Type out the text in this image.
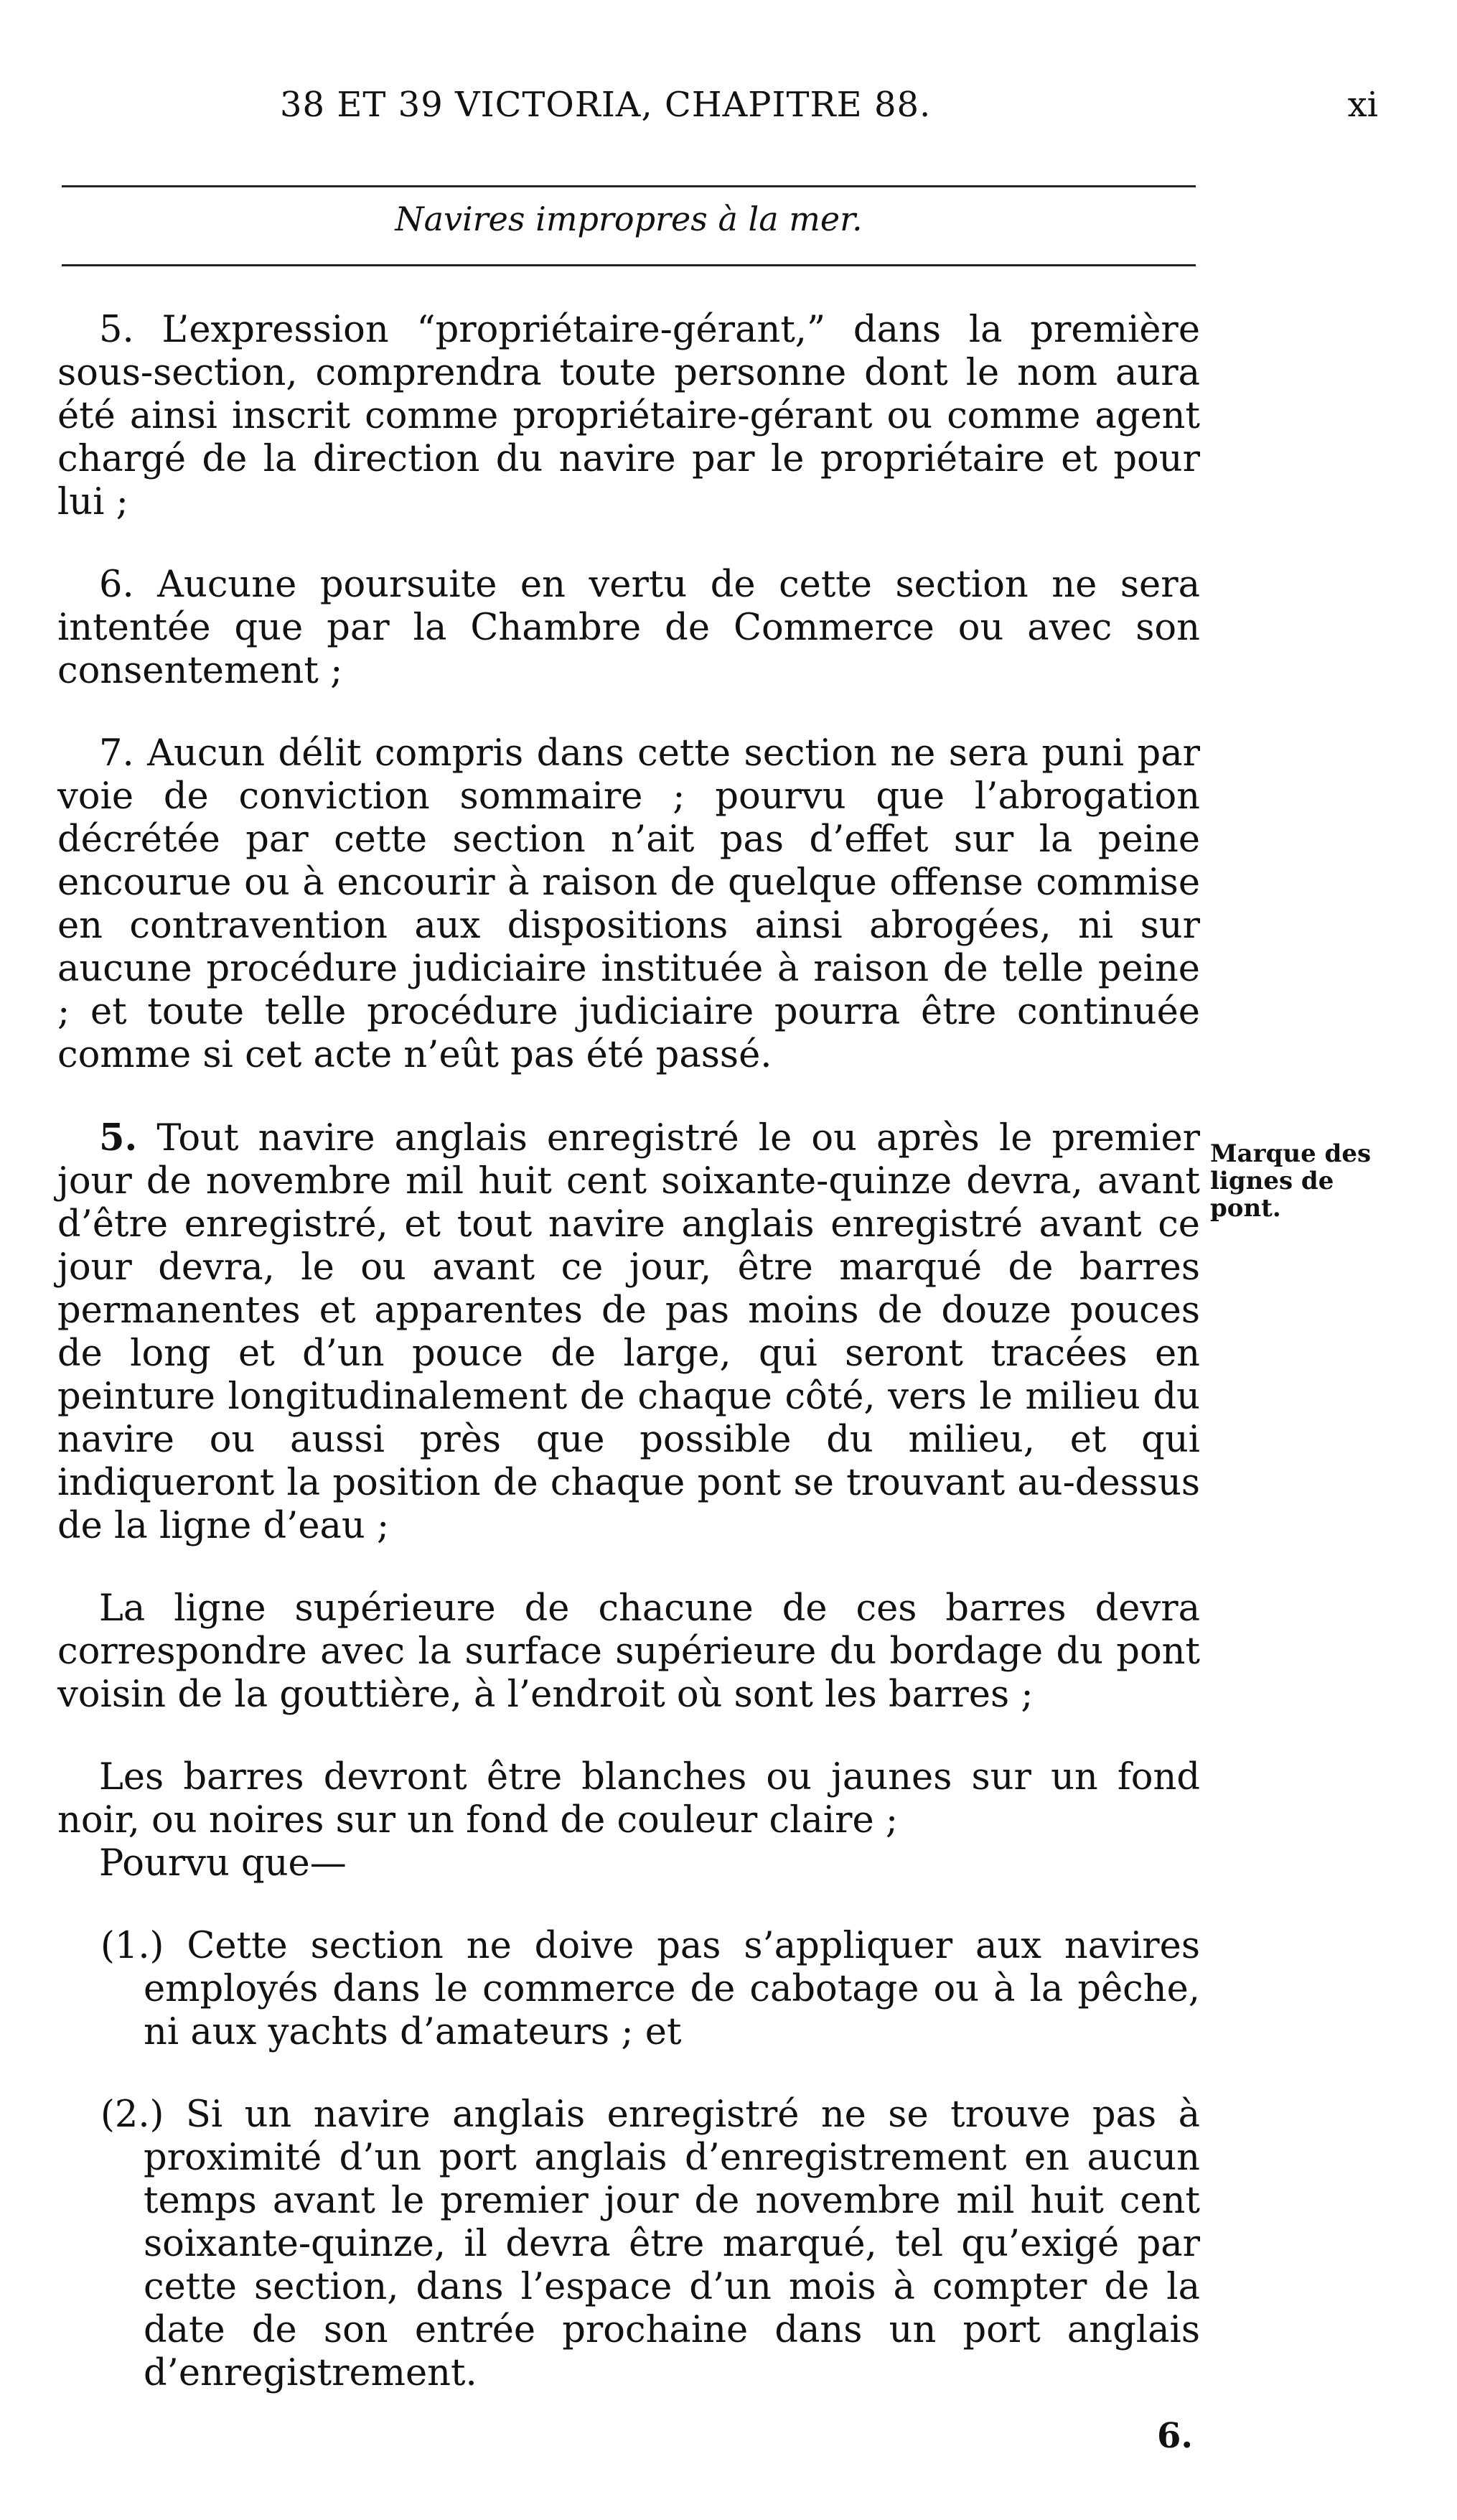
38 ET 39 VICTORIA, CHAPITRE 88.	xi
Navires impropres à la mer.

5. L’expression “propriétaire-gérant,” dans la première sous-section, comprendra toute personne dont le nom aura été ainsi inscrit comme propriétaire-gérant ou comme agent chargé de la direction du navire par le propriétaire et pour lui ;

6. Aucune poursuite en vertu de cette section ne sera intentée que par la Chambre de Commerce ou avec son consentement ;

7. Aucun délit compris dans cette section ne sera puni par voie de conviction sommaire ; pourvu que l’abrogation décrétée par cette section n’ait pas d’effet sur la peine encourue ou à encourir à raison de quelque offense commise en contravention aux dispositions ainsi abrogées, ni sur aucune procédure judiciaire instituée à raison de telle peine ; et toute telle procédure judiciaire pourra être continuée comme si cet acte n’eût pas été passé.

5. Tout navire anglais enregistré le ou après le premier jour de novembre mil huit cent soixante-quinze devra, avant d’être enregistré, et tout navire anglais enregistré avant ce jour devra, le ou avant ce jour, être marqué de barres permanentes et apparentes de pas moins de douze pouces de long et d’un pouce de large, qui seront tracées en peinture longitudinalement de chaque côté, vers le milieu du navire ou aussi près que possible du milieu, et qui indiqueront la position de chaque pont se trouvant au-dessus de la ligne d’eau ;

La ligne supérieure de chacune de ces barres devra correspondre avec la surface supérieure du bordage du pont voisin de la gouttière, à l’endroit où sont les barres ;

Les barres devront être blanches ou jaunes sur un fond noir, ou noires sur un fond de couleur claire ;

Pourvu que—

(1.) Cette section ne doive pas s’appliquer aux navires employés dans le commerce de cabotage ou à la pêche, ni aux yachts d’amateurs ; et

(2.) Si un navire anglais enregistré ne se trouve pas à proximité d’un port anglais d’enregistrement en aucun temps avant le premier jour de novembre mil huit cent soixante-quinze, il devra être marqué, tel qu’exigé par cette section, dans l’espace d’un mois à compter de la date de son entrée prochaine dans un port anglais d’enregistrement.

Marque des lignes de pont.
6.
